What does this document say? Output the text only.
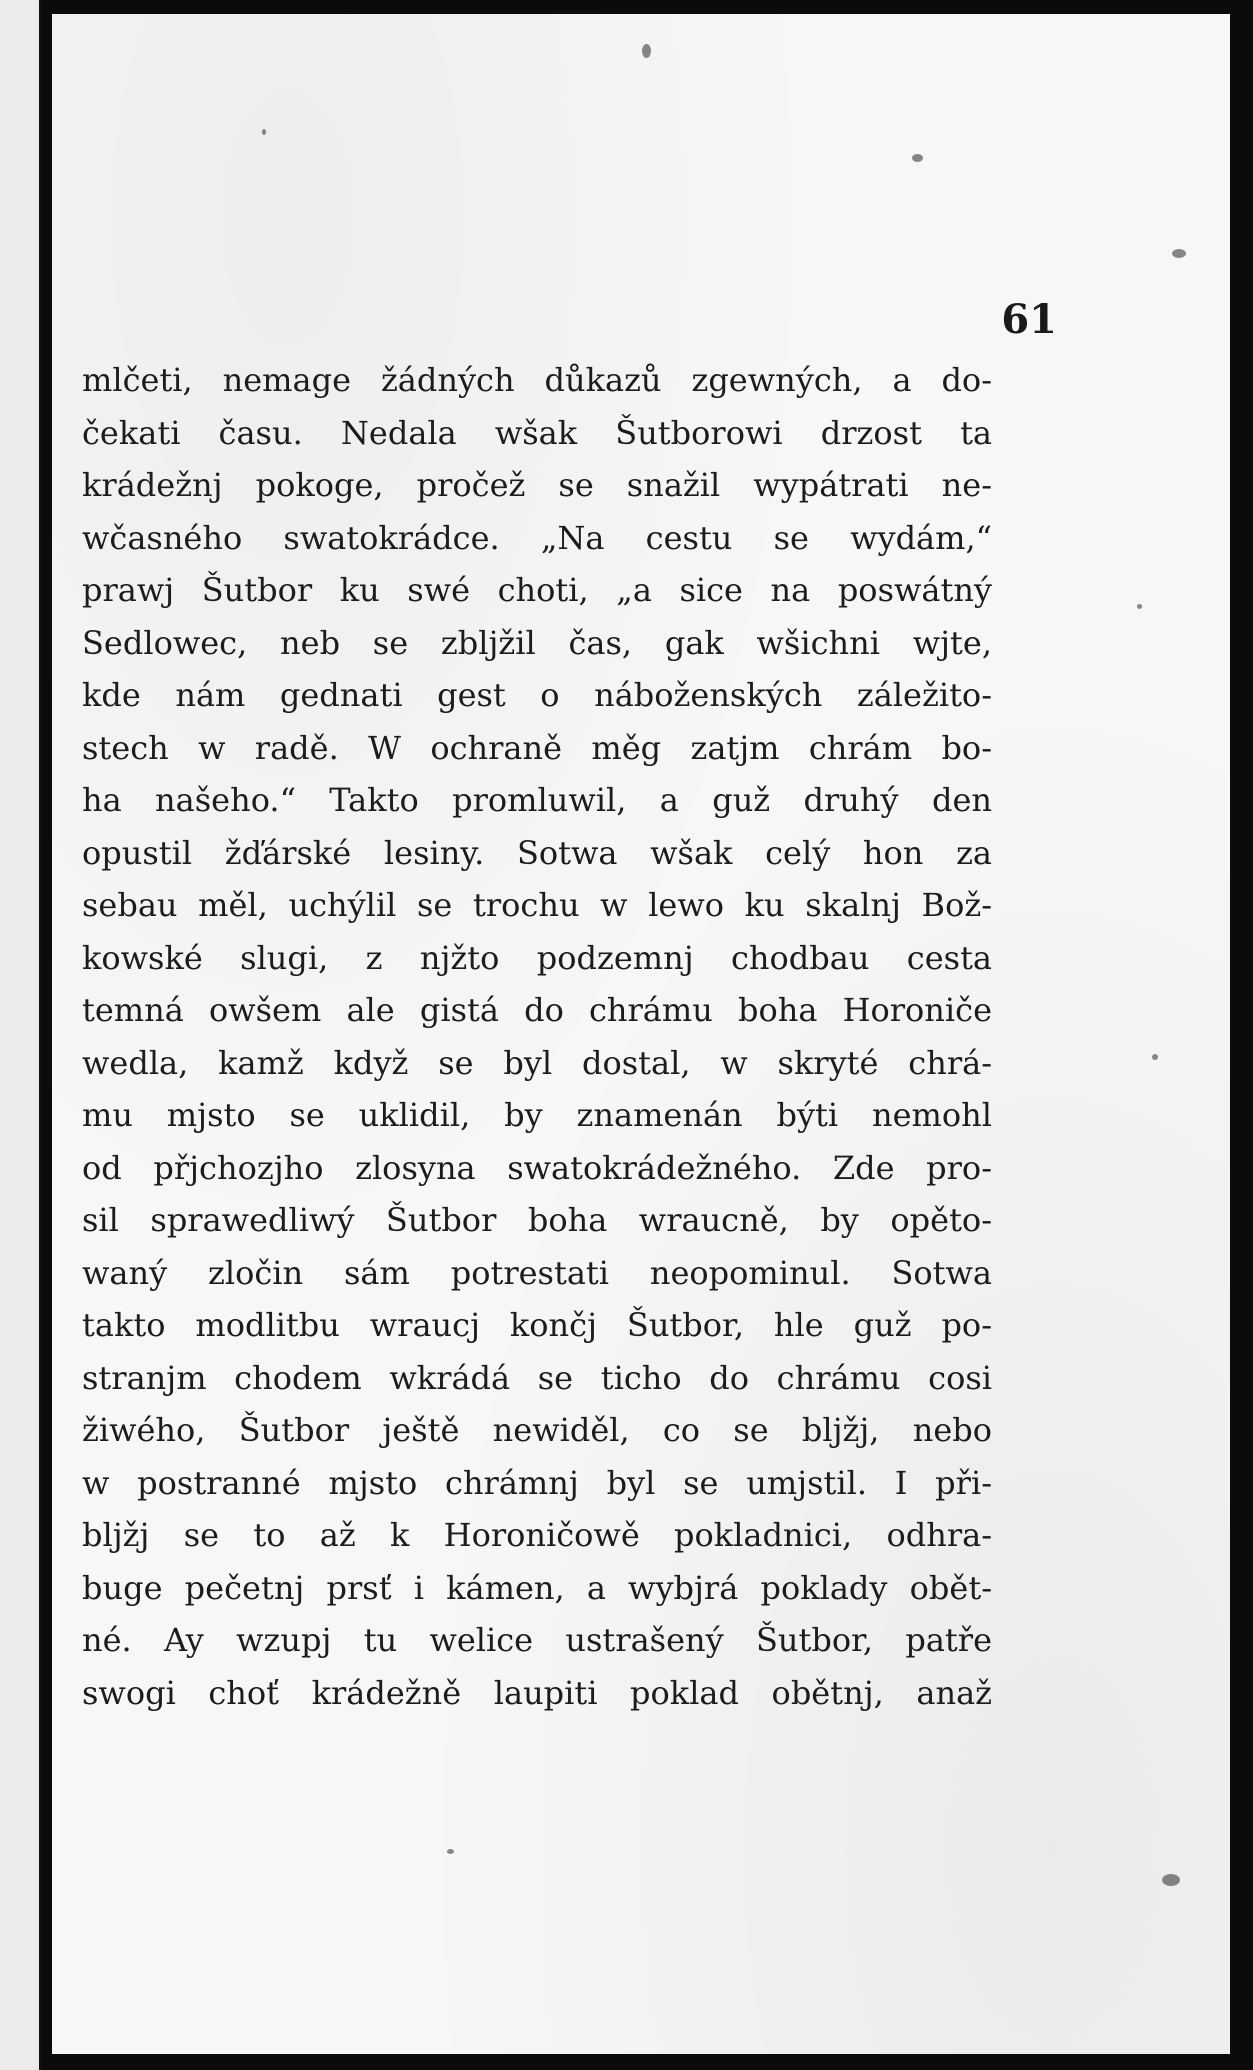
61

mlčeti, nemage žádných důkazů zgewných, a do-
čekati času. Nedala wšak Šutborowi drzost ta
krádežnj pokoge, pročež se snažil wypátrati ne-
wčasného swatokrádce. „Na cestu se wydám,“
prawj Šutbor ku swé choti, „a sice na poswátný
Sedlowec, neb se zbljžil čas, gak wšichni wjte,
kde nám gednati gest o náboženských záležito-
stech w radě. W ochraně měg zatjm chrám bo-
ha našeho.“ Takto promluwil, a guž druhý den
opustil žďárské lesiny. Sotwa wšak celý hon za
sebau měl, uchýlil se trochu w lewo ku skalnj Bož-
kowské slugi, z njžto podzemnj chodbau cesta
temná owšem ale gistá do chrámu boha Horoniče
wedla, kamž když se byl dostal, w skryté chrá-
mu mjsto se uklidil, by znamenán býti nemohl
od přjchozjho zlosyna swatokrádežného. Zde pro-
sil sprawedliwý Šutbor boha wraucně, by opěto-
waný zločin sám potrestati neopominul. Sotwa
takto modlitbu wraucj končj Šutbor, hle guž po-
stranjm chodem wkrádá se ticho do chrámu cosi
žiwého, Šutbor ještě newiděl, co se bljžj, nebo
w postranné mjsto chrámnj byl se umjstil. I při-
bljžj se to až k Horoničowě pokladnici, odhra-
buge pečetnj prsť i kámen, a wybjrá poklady obět-
né. Ay wzupj tu welice ustrašený Šutbor, patře
swogi choť krádežně laupiti poklad obětnj, anaž
